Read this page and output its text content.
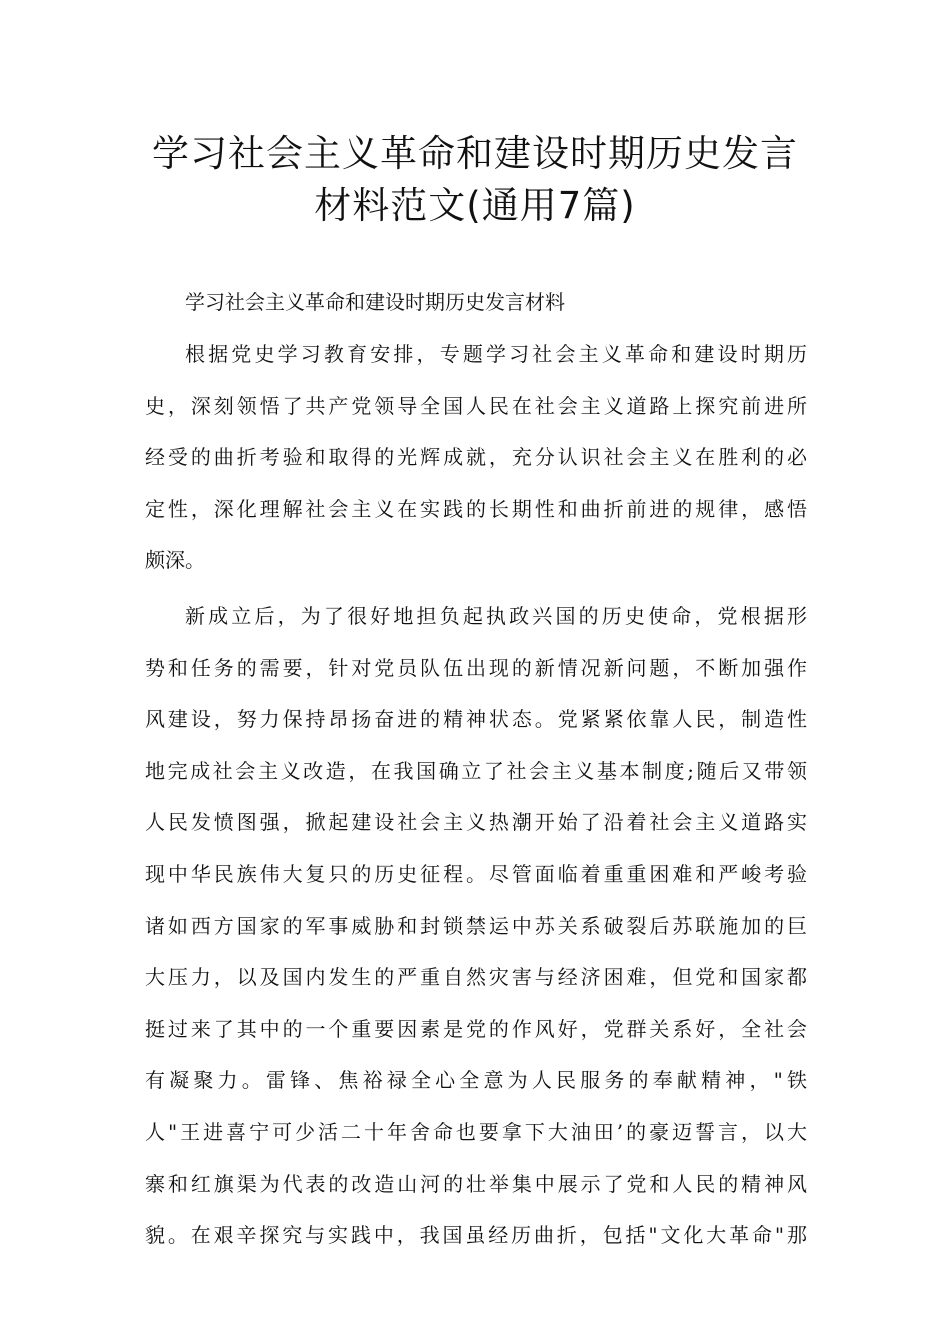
学习社会主义革命和建设时期历史发言
材料范文(通用7篇)

学习社会主义革命和建设时期历史发言材料

根据党史学习教育安排，专题学习社会主义革命和建设时期历
史，深刻领悟了共产党领导全国人民在社会主义道路上探究前进所
经受的曲折考验和取得的光辉成就，充分认识社会主义在胜利的必
定性，深化理解社会主义在实践的长期性和曲折前进的规律，感悟
颇深。

新成立后，为了很好地担负起执政兴国的历史使命，党根据形
势和任务的需要，针对党员队伍出现的新情况新问题，不断加强作
风建设，努力保持昂扬奋进的精神状态。党紧紧依靠人民，制造性
地完成社会主义改造，在我国确立了社会主义基本制度;随后又带领
人民发愤图强，掀起建设社会主义热潮开始了沿着社会主义道路实
现中华民族伟大复只的历史征程。尽管面临着重重困难和严峻考验
诸如西方国家的军事威胁和封锁禁运中苏关系破裂后苏联施加的巨
大压力，以及国内发生的严重自然灾害与经济困难，但党和国家都
挺过来了其中的一个重要因素是党的作风好，党群关系好，全社会
有凝聚力。雷锋、焦裕禄全心全意为人民服务的奉献精神，"铁
人"王进喜宁可少活二十年舍命也要拿下大油田’的豪迈誓言，以大
寨和红旗渠为代表的改造山河的壮举集中展示了党和人民的精神风
貌。在艰辛探究与实践中，我国虽经历曲折，包括"文化大革命"那
